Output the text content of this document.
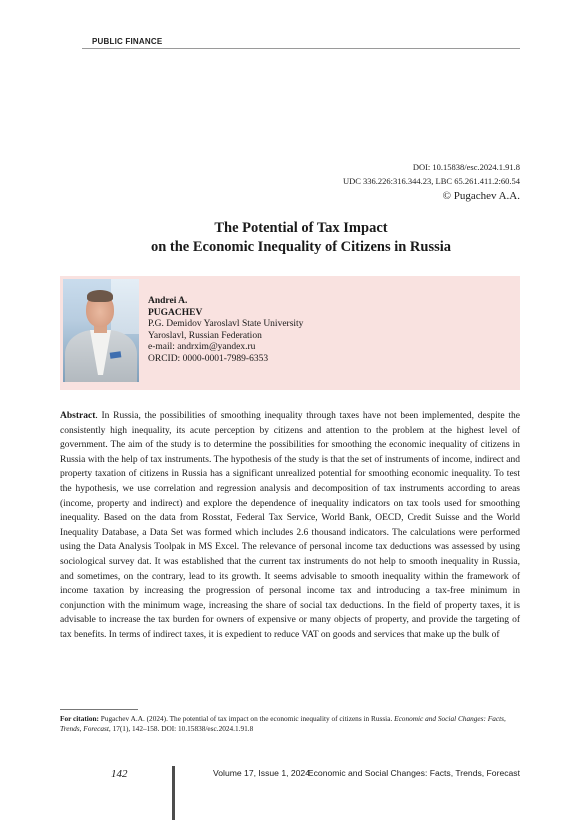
PUBLIC FINANCE
DOI: 10.15838/esc.2024.1.91.8
UDC 336.226:316.344.23, LBC 65.261.411.2:60.54
© Pugachev A.A.
The Potential of Tax Impact
on the Economic Inequality of Citizens in Russia
Andrei A.
PUGACHEV
P.G. Demidov Yaroslavl State University
Yaroslavl, Russian Federation
e-mail: andrxim@yandex.ru
ORCID: 0000-0001-7989-6353
Abstract. In Russia, the possibilities of smoothing inequality through taxes have not been implemented, despite the consistently high inequality, its acute perception by citizens and attention to the problem at the highest level of government. The aim of the study is to determine the possibilities for smoothing the economic inequality of citizens in Russia with the help of tax instruments. The hypothesis of the study is that the set of instruments of income, indirect and property taxation of citizens in Russia has a significant unrealized potential for smoothing economic inequality. To test the hypothesis, we use correlation and regression analysis and decomposition of tax instruments according to areas (income, property and indirect) and explore the dependence of inequality indicators on tax tools used for smoothing inequality. Based on the data from Rosstat, Federal Tax Service, World Bank, OECD, Credit Suisse and the World Inequality Database, a Data Set was formed which includes 2.6 thousand indicators. The calculations were performed using the Data Analysis Toolpak in MS Excel. The relevance of personal income tax deductions was assessed by using sociological survey dat. It was established that the current tax instruments do not help to smooth inequality in Russia, and sometimes, on the contrary, lead to its growth. It seems advisable to smooth inequality within the framework of income taxation by increasing the progression of personal income tax and introducing a tax-free minimum in conjunction with the minimum wage, increasing the share of social tax deductions. In the field of property taxes, it is advisable to increase the tax burden for owners of expensive or many objects of property, and provide the targeting of tax benefits. In terms of indirect taxes, it is expedient to reduce VAT on goods and services that make up the bulk of
For citation: Pugachev A.A. (2024). The potential of tax impact on the economic inequality of citizens in Russia. Economic and Social Changes: Facts, Trends, Forecast, 17(1), 142–158. DOI: 10.15838/esc.2024.1.91.8
142	Volume 17, Issue 1, 2024
Economic and Social Changes: Facts, Trends, Forecast
